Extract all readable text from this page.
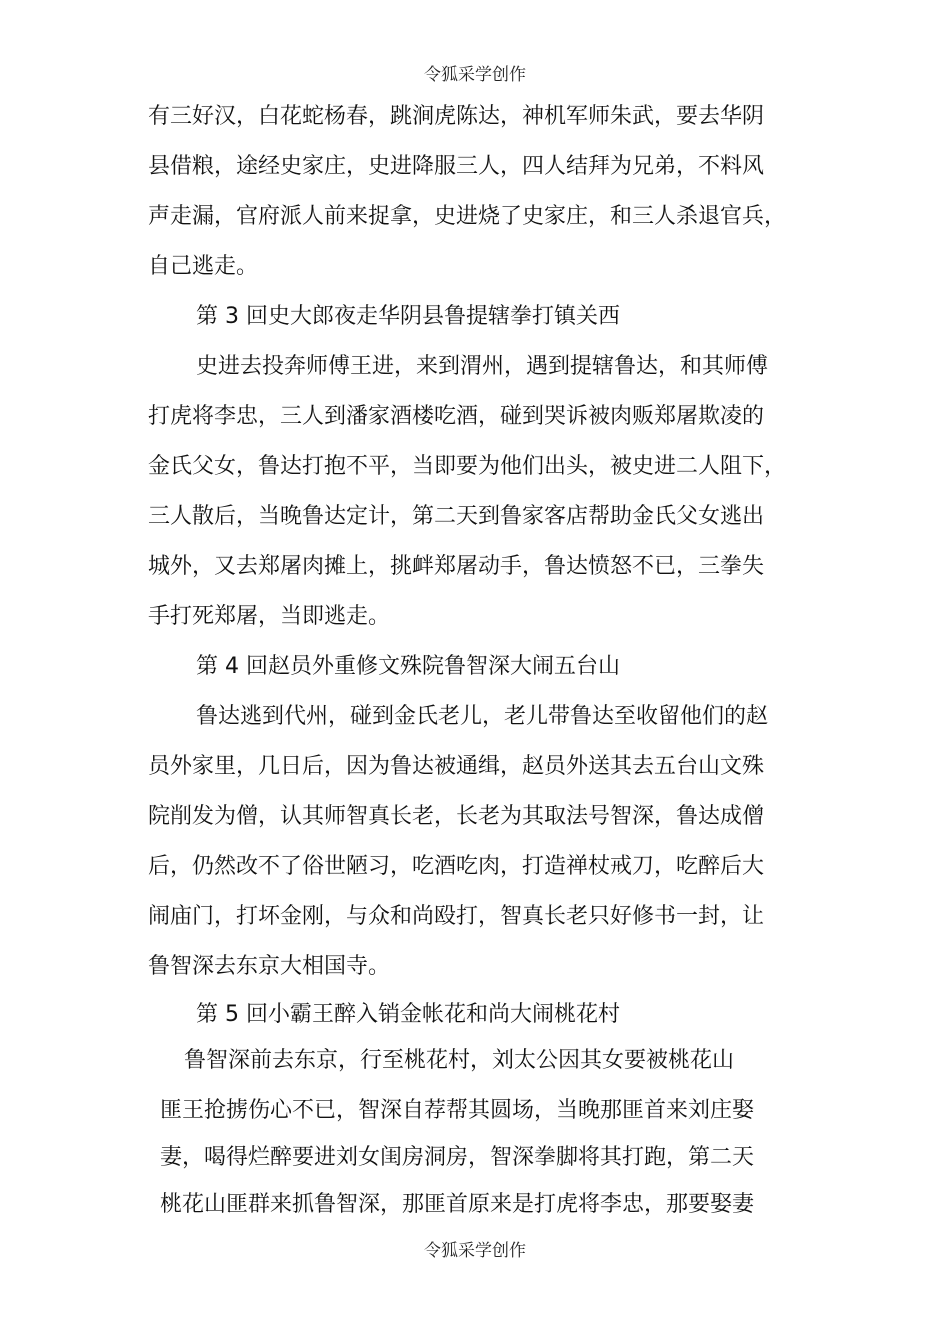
令狐采学创作
有三好汉，白花蛇杨春，跳涧虎陈达，神机军师朱武，要去华阴
县借粮，途经史家庄，史进降服三人，四人结拜为兄弟，不料风
声走漏，官府派人前来捉拿，史进烧了史家庄，和三人杀退官兵，
自己逃走。
第 3 回史大郎夜走华阴县鲁提辖拳打镇关西
史进去投奔师傅王进，来到渭州，遇到提辖鲁达，和其师傅
打虎将李忠，三人到潘家酒楼吃酒，碰到哭诉被肉贩郑屠欺凌的
金氏父女，鲁达打抱不平，当即要为他们出头，被史进二人阻下，
三人散后，当晚鲁达定计，第二天到鲁家客店帮助金氏父女逃出
城外，又去郑屠肉摊上，挑衅郑屠动手，鲁达愤怒不已，三拳失
手打死郑屠，当即逃走。
第 4 回赵员外重修文殊院鲁智深大闹五台山
鲁达逃到代州，碰到金氏老儿，老儿带鲁达至收留他们的赵
员外家里，几日后，因为鲁达被通缉，赵员外送其去五台山文殊
院削发为僧，认其师智真长老，长老为其取法号智深，鲁达成僧
后，仍然改不了俗世陋习，吃酒吃肉，打造禅杖戒刀，吃醉后大
闹庙门，打坏金刚，与众和尚殴打，智真长老只好修书一封，让
鲁智深去东京大相国寺。
第 5 回小霸王醉入销金帐花和尚大闹桃花村
鲁智深前去东京，行至桃花村，刘太公因其女要被桃花山
匪王抢掳伤心不已，智深自荐帮其圆场，当晚那匪首来刘庄娶
妻，喝得烂醉要进刘女闺房洞房，智深拳脚将其打跑，第二天
桃花山匪群来抓鲁智深，那匪首原来是打虎将李忠，那要娶妻
令狐采学创作
